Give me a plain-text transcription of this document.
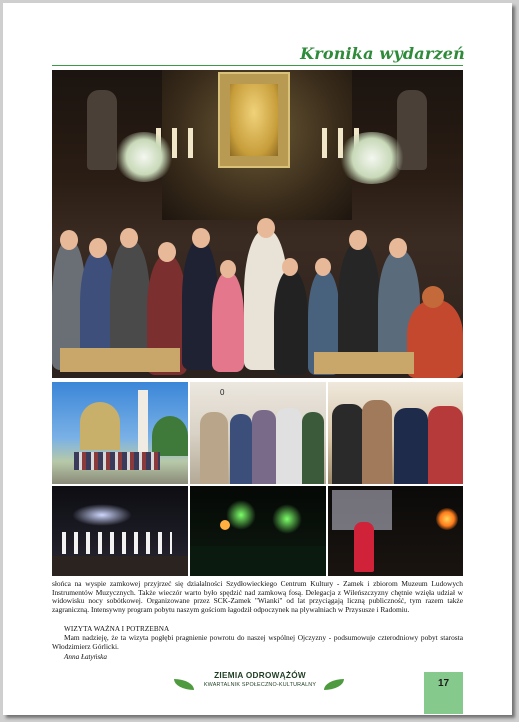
Kronika wydarzeń
0

słońca na wyspie zamkowej przyjrzeć się działalności Szydłowieckiego Centrum Kultury - Zamek i zbiorom Muzeum Ludowych Instrumentów Muzycznych. Także wieczór warto było spędzić nad zamkową fosą. Delegacja z Wileńszczyzny chętnie wzięła udział w widowisku nocy sobótkowej. Organizowane przez SCK-Zamek "Wianki" od lat przyciągają liczną publiczność, tym razem także zagraniczną. Intensywny program pobytu naszym gościom łagodził odpoczynek na plywalniach w Przysusze i Radomiu.

WIZYTA WAŻNA I POTRZEBNA
Mam nadzieję, że ta wizyta pogłębi pragnienie powrotu do naszej wspólnej Ojczyzny - podsumowuje czterodniowy pobyt starosta Włodzimierz Górlicki.
Anna Łatyńska
ZIEMIA ODROWĄŻÓW
KWARTALNIK SPOŁECZNO-KULTURALNY	17
